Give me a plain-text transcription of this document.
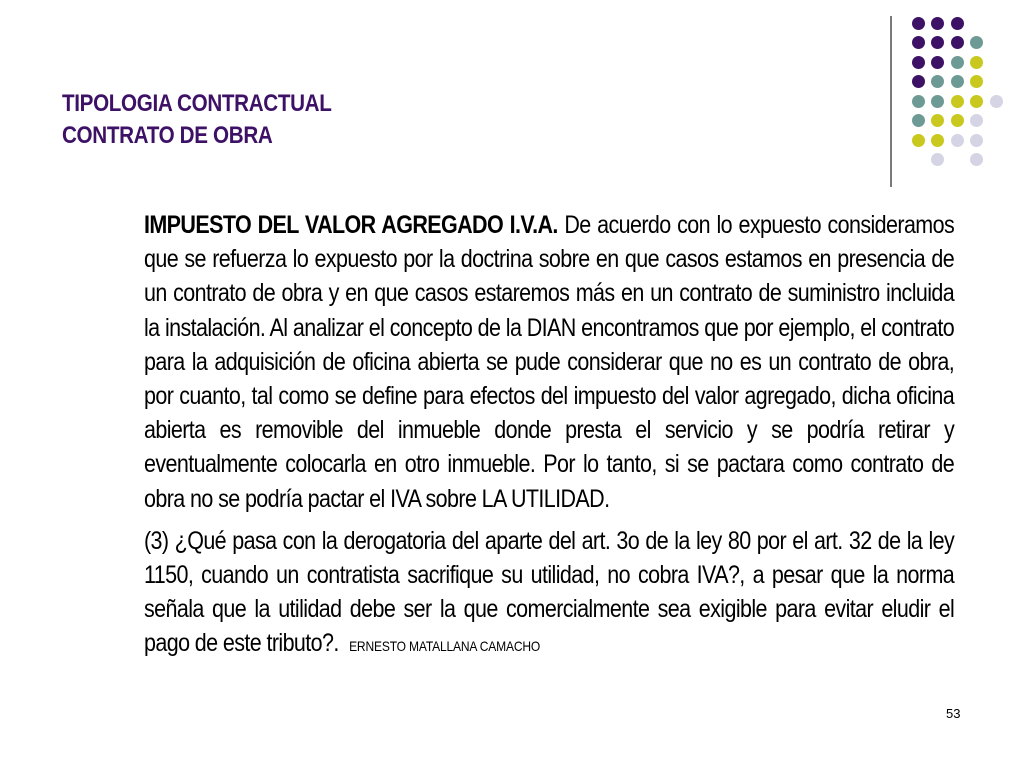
TIPOLOGIA CONTRACTUAL
CONTRATO DE OBRA

IMPUESTO DEL VALOR AGREGADO I.V.A. De acuerdo con lo expuesto consideramos que se refuerza lo expuesto por la doctrina sobre en que casos estamos en presencia de un contrato de obra y en que casos estaremos más en un contrato de suministro incluida la instalación. Al analizar el concepto de la DIAN encontramos que por ejemplo, el contrato para la adquisición de oficina abierta se pude considerar que no es un contrato de obra, por cuanto, tal como se define para efectos del impuesto del valor agregado, dicha oficina abierta es removible del inmueble donde presta el servicio y se podría retirar y eventualmente colocarla en otro inmueble. Por lo tanto, si se pactara como contrato de obra no se podría pactar el IVA sobre LA UTILIDAD.

(3) ¿Qué pasa con la derogatoria del aparte del art. 3o de la ley 80 por el art. 32 de la ley 1150, cuando un contratista sacrifique su utilidad, no cobra IVA?, a pesar que la norma señala que la utilidad debe ser la que comercialmente sea exigible para evitar eludir el pago de este tributo?. ERNESTO MATALLANA CAMACHO

53
